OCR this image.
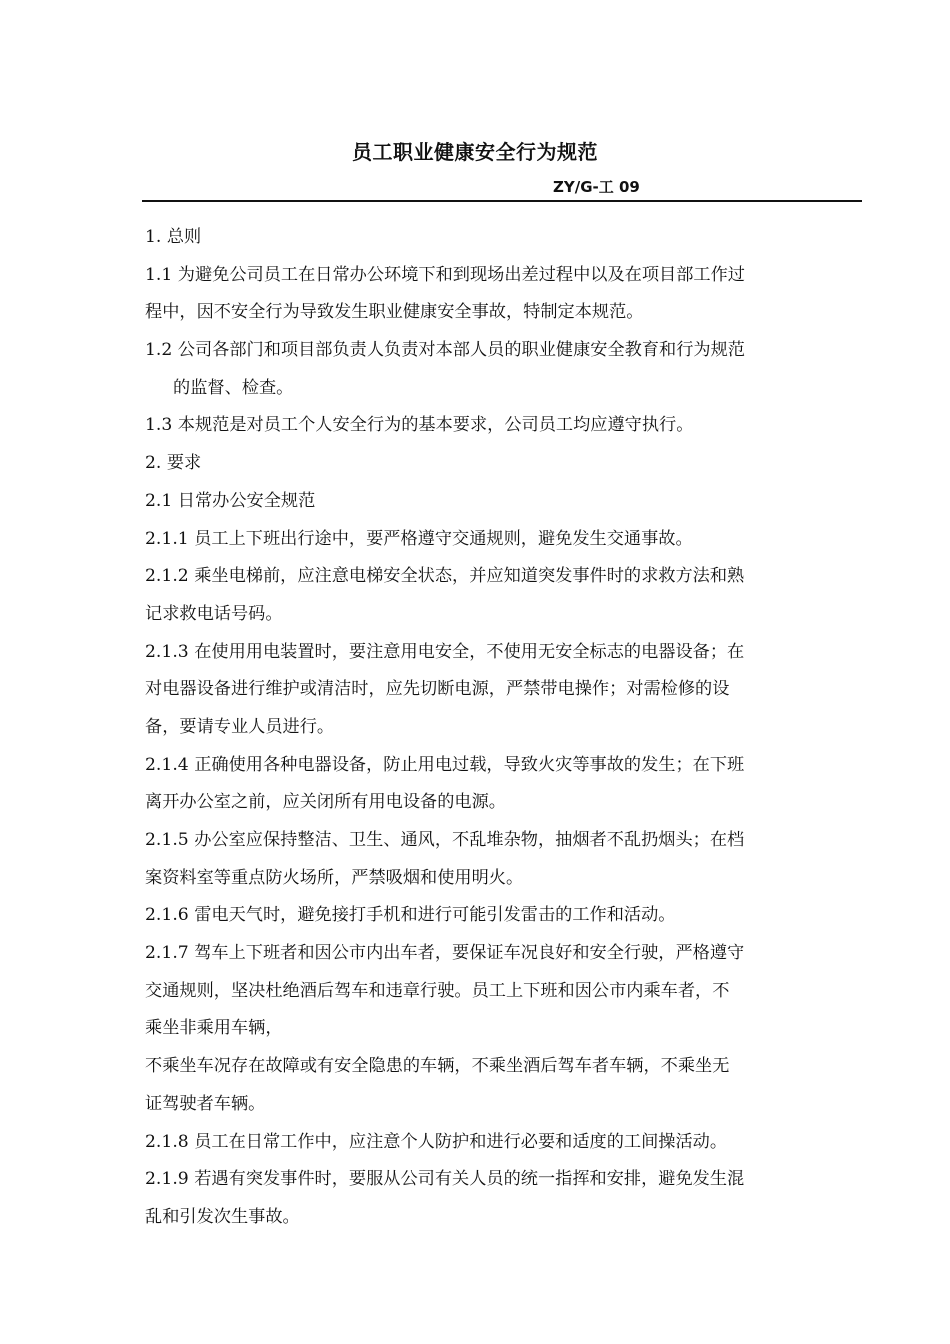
员工职业健康安全行为规范
ZY/G-工 09
1. 总则
1.1 为避免公司员工在日常办公环境下和到现场出差过程中以及在项目部工作过
程中，因不安全行为导致发生职业健康安全事故，特制定本规范。
1.2 公司各部门和项目部负责人负责对本部人员的职业健康安全教育和行为规范
的监督、检查。
1.3 本规范是对员工个人安全行为的基本要求，公司员工均应遵守执行。
2. 要求
2.1 日常办公安全规范
2.1.1 员工上下班出行途中，要严格遵守交通规则，避免发生交通事故。
2.1.2 乘坐电梯前，应注意电梯安全状态，并应知道突发事件时的求救方法和熟
记求救电话号码。
2.1.3 在使用用电装置时，要注意用电安全，不使用无安全标志的电器设备；在
对电器设备进行维护或清洁时，应先切断电源，严禁带电操作；对需检修的设
备，要请专业人员进行。
2.1.4 正确使用各种电器设备，防止用电过载，导致火灾等事故的发生；在下班
离开办公室之前，应关闭所有用电设备的电源。
2.1.5 办公室应保持整洁、卫生、通风，不乱堆杂物，抽烟者不乱扔烟头；在档
案资料室等重点防火场所，严禁吸烟和使用明火。
2.1.6 雷电天气时，避免接打手机和进行可能引发雷击的工作和活动。
2.1.7 驾车上下班者和因公市内出车者，要保证车况良好和安全行驶，严格遵守
交通规则，坚决杜绝酒后驾车和违章行驶。员工上下班和因公市内乘车者，不
乘坐非乘用车辆，
不乘坐车况存在故障或有安全隐患的车辆，不乘坐酒后驾车者车辆，不乘坐无
证驾驶者车辆。
2.1.8 员工在日常工作中，应注意个人防护和进行必要和适度的工间操活动。
2.1.9 若遇有突发事件时，要服从公司有关人员的统一指挥和安排，避免发生混
乱和引发次生事故。
